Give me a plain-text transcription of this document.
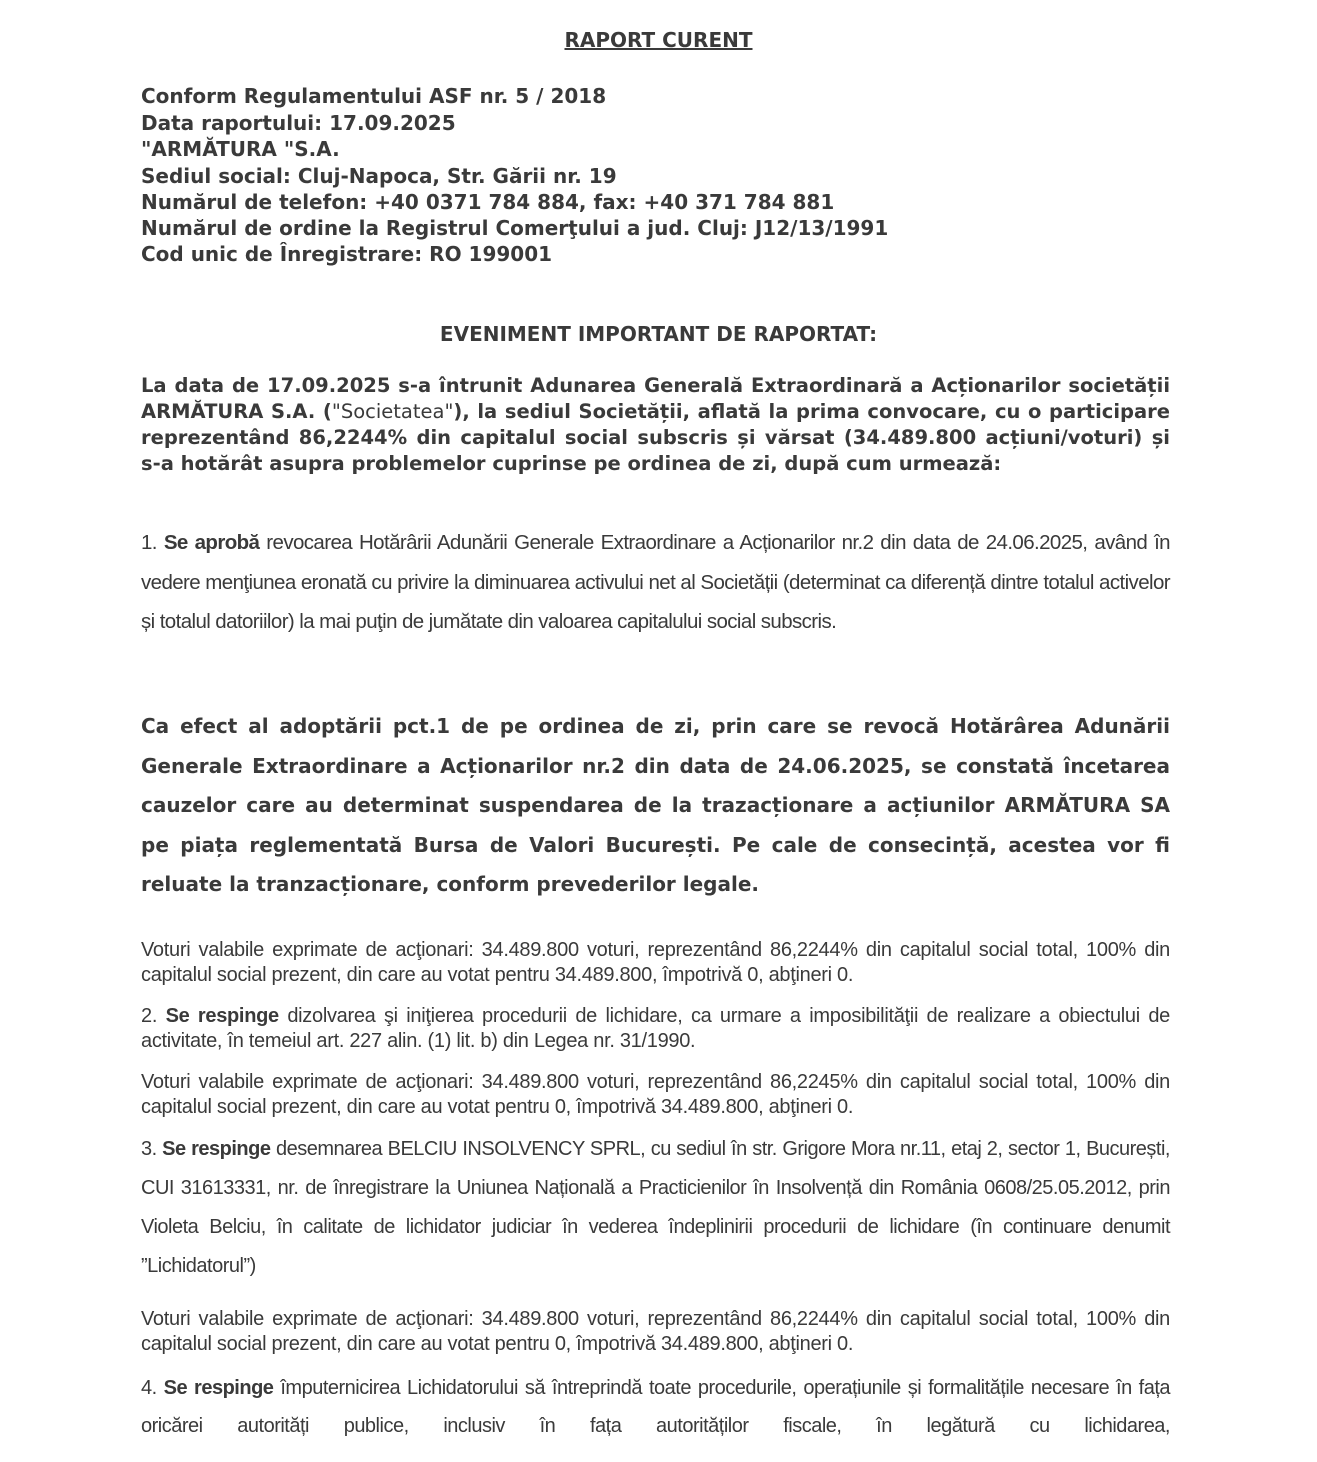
RAPORT CURENT
Conform Regulamentului ASF nr. 5 / 2018
Data raportului: 17.09.2025
"ARMĂTURA "S.A.
Sediul social: Cluj-Napoca, Str. Gării nr. 19
Numărul de telefon: +40 0371 784 884, fax: +40 371 784 881
Numărul de ordine la Registrul Comerţului a jud. Cluj: J12/13/1991
Cod unic de Înregistrare: RO 199001
EVENIMENT IMPORTANT DE RAPORTAT:
La data de 17.09.2025 s-a întrunit Adunarea Generală Extraordinară a Acționarilor societății ARMĂTURA S.A. ("Societatea"), la sediul Societății, aflată la prima convocare, cu o participare reprezentând 86,2244% din capitalul social subscris și vărsat (34.489.800 acțiuni/voturi) și s-a hotărât asupra problemelor cuprinse pe ordinea de zi, după cum urmează:
1. Se aprobă revocarea Hotărârii Adunării Generale Extraordinare a Acționarilor nr.2 din data de 24.06.2025, având în vedere menţiunea eronată cu privire la diminuarea activului net al Societății (determinat ca diferență dintre totalul activelor și totalul datoriilor) la mai puţin de jumătate din valoarea capitalului social subscris.
Ca efect al adoptării pct.1 de pe ordinea de zi, prin care se revocă Hotărârea Adunării Generale Extraordinare a Acționarilor nr.2 din data de 24.06.2025, se constată încetarea cauzelor care au determinat suspendarea de la trazacționare a acțiunilor ARMĂTURA SA pe piața reglementată Bursa de Valori București. Pe cale de consecință, acestea vor fi reluate la tranzacționare, conform prevederilor legale.
Voturi valabile exprimate de acţionari: 34.489.800 voturi, reprezentând 86,2244% din capitalul social total, 100% din capitalul social prezent, din care au votat pentru 34.489.800, împotrivă 0, abţineri 0.
2. Se respinge dizolvarea şi iniţierea procedurii de lichidare, ca urmare a imposibilităţii de realizare a obiectului de activitate, în temeiul art. 227 alin. (1) lit. b) din Legea nr. 31/1990.
Voturi valabile exprimate de acţionari: 34.489.800 voturi, reprezentând 86,2245% din capitalul social total, 100% din capitalul social prezent, din care au votat pentru 0, împotrivă 34.489.800, abţineri 0.
3. Se respinge desemnarea BELCIU INSOLVENCY SPRL, cu sediul în str. Grigore Mora nr.11, etaj 2, sector 1, București, CUI 31613331, nr. de înregistrare la Uniunea Națională a Practicienilor în Insolvență din România 0608/25.05.2012, prin Violeta Belciu, în calitate de lichidator judiciar în vederea îndeplinirii procedurii de lichidare (în continuare denumit ”Lichidatorul”)
Voturi valabile exprimate de acţionari: 34.489.800 voturi, reprezentând 86,2244% din capitalul social total, 100% din capitalul social prezent, din care au votat pentru 0, împotrivă 34.489.800, abţineri 0.
4. Se respinge împuternicirea Lichidatorului să întreprindă toate procedurile, operațiunile și formalitățile necesare în fața oricărei autorități publice, inclusiv în fața autorităților fiscale, în legătură cu lichidarea,
